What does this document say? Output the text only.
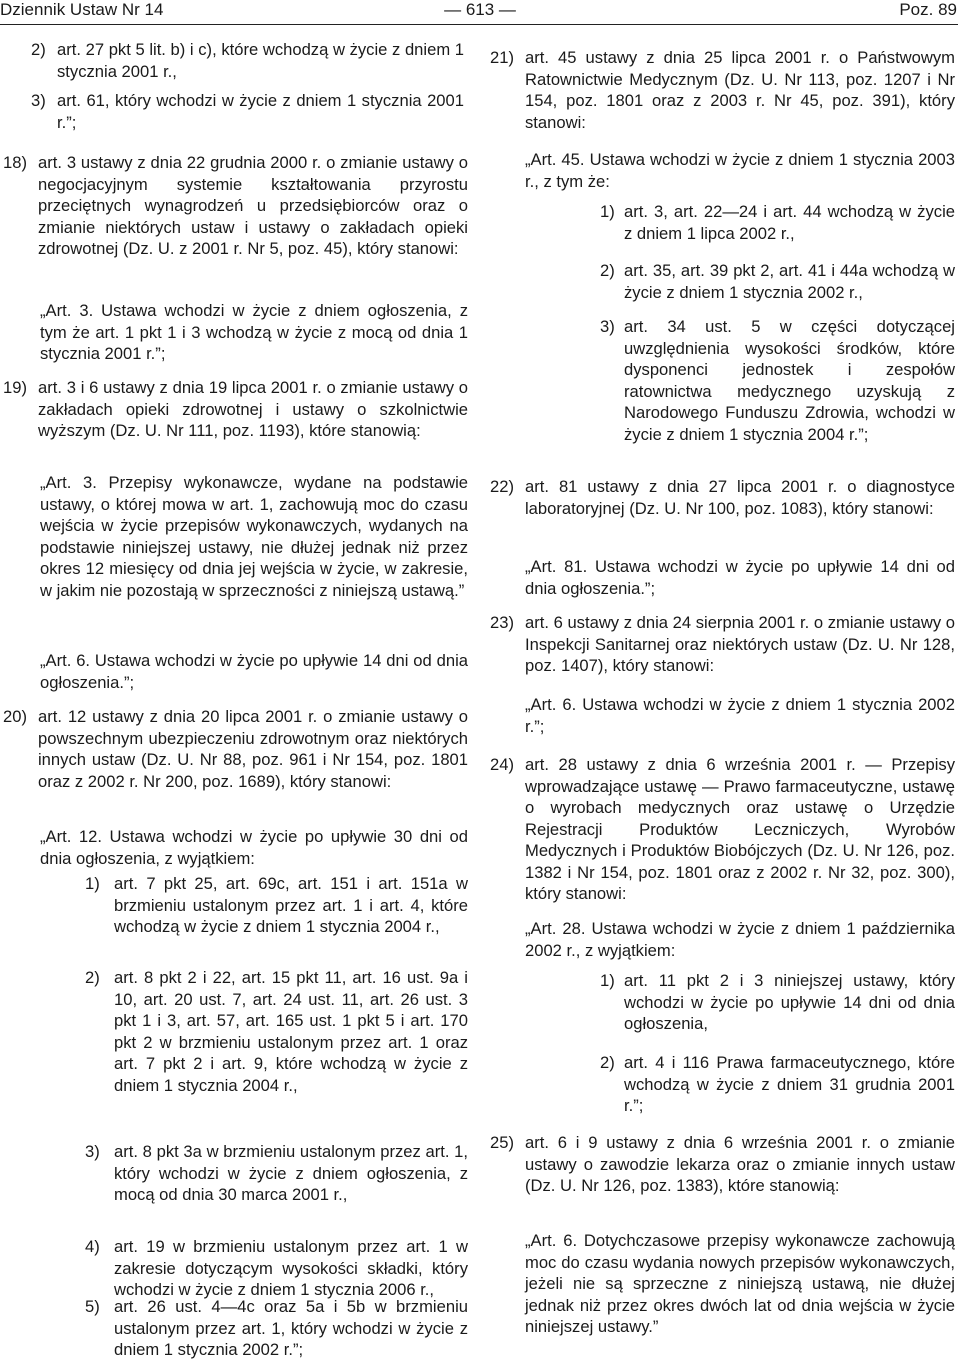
Dziennik Ustaw Nr 14	— 613 —	Poz. 89
2) art. 27 pkt 5 lit. b) i c), które wchodzą w życie z dniem 1 stycznia 2001 r.,

3) art. 61, który wchodzi w życie z dniem 1 stycznia 2001 r.”;

18) art. 3 ustawy z dnia 22 grudnia 2000 r. o zmianie ustawy o negocjacyjnym systemie kształtowania przyrostu przeciętnych wynagrodzeń u przedsiębiorców oraz o zmianie niektórych ustaw i ustawy o zakładach opieki zdrowotnej (Dz. U. z 2001 r. Nr 5, poz. 45), który stanowi:

„Art. 3. Ustawa wchodzi w życie z dniem ogłoszenia, z tym że art. 1 pkt 1 i 3 wchodzą w życie z mocą od dnia 1 stycznia 2001 r.”;

19) art. 3 i 6 ustawy z dnia 19 lipca 2001 r. o zmianie ustawy o zakładach opieki zdrowotnej i ustawy o szkolnictwie wyższym (Dz. U. Nr 111, poz. 1193), które stanowią:

„Art. 3. Przepisy wykonawcze, wydane na podstawie ustawy, o której mowa w art. 1, zachowują moc do czasu wejścia w życie przepisów wykonawczych, wydanych na podstawie niniejszej ustawy, nie dłużej jednak niż przez okres 12 miesięcy od dnia jej wejścia w życie, w zakresie, w jakim nie pozostają w sprzeczności z niniejszą ustawą.”

„Art. 6. Ustawa wchodzi w życie po upływie 14 dni od dnia ogłoszenia.”;

20) art. 12 ustawy z dnia 20 lipca 2001 r. o zmianie ustawy o powszechnym ubezpieczeniu zdrowotnym oraz niektórych innych ustaw (Dz. U. Nr 88, poz. 961 i Nr 154, poz. 1801 oraz z 2002 r. Nr 200, poz. 1689), który stanowi:

„Art. 12. Ustawa wchodzi w życie po upływie 30 dni od dnia ogłoszenia, z wyjątkiem:

1) art. 7 pkt 25, art. 69c, art. 151 i art. 151a w brzmieniu ustalonym przez art. 1 i art. 4, które wchodzą w życie z dniem 1 stycznia 2004 r.,

2) art. 8 pkt 2 i 22, art. 15 pkt 11, art. 16 ust. 9a i 10, art. 20 ust. 7, art. 24 ust. 11, art. 26 ust. 3 pkt 1 i 3, art. 57, art. 165 ust. 1 pkt 5 i art. 170 pkt 2 w brzmieniu ustalonym przez art. 1 oraz art. 7 pkt 2 i art. 9, które wchodzą w życie z dniem 1 stycznia 2004 r.,

3) art. 8 pkt 3a w brzmieniu ustalonym przez art. 1, który wchodzi w życie z dniem ogłoszenia, z mocą od dnia 30 marca 2001 r.,

4) art. 19 w brzmieniu ustalonym przez art. 1 w zakresie dotyczącym wysokości składki, który wchodzi w życie z dniem 1 stycznia 2006 r.,

5) art. 26 ust. 4—4c oraz 5a i 5b w brzmieniu ustalonym przez art. 1, który wchodzi w życie z dniem 1 stycznia 2002 r.”;

21) art. 45 ustawy z dnia 25 lipca 2001 r. o Państwowym Ratownictwie Medycznym (Dz. U. Nr 113, poz. 1207 i Nr 154, poz. 1801 oraz z 2003 r. Nr 45, poz. 391), który stanowi:

„Art. 45. Ustawa wchodzi w życie z dniem 1 stycznia 2003 r., z tym że:

1) art. 3, art. 22—24 i art. 44 wchodzą w życie z dniem 1 lipca 2002 r.,

2) art. 35, art. 39 pkt 2, art. 41 i 44a wchodzą w życie z dniem 1 stycznia 2002 r.,

3) art. 34 ust. 5 w części dotyczącej uwzględnienia wysokości środków, które dysponenci jednostek i zespołów ratownictwa medycznego uzyskują z Narodowego Funduszu Zdrowia, wchodzi w życie z dniem 1 stycznia 2004 r.”;

22) art. 81 ustawy z dnia 27 lipca 2001 r. o diagnostyce laboratoryjnej (Dz. U. Nr 100, poz. 1083), który stanowi:

„Art. 81. Ustawa wchodzi w życie po upływie 14 dni od dnia ogłoszenia.”;

23) art. 6 ustawy z dnia 24 sierpnia 2001 r. o zmianie ustawy o Inspekcji Sanitarnej oraz niektórych ustaw (Dz. U. Nr 128, poz. 1407), który stanowi:

„Art. 6. Ustawa wchodzi w życie z dniem 1 stycznia 2002 r.”;

24) art. 28 ustawy z dnia 6 września 2001 r. — Przepisy wprowadzające ustawę — Prawo farmaceutyczne, ustawę o wyrobach medycznych oraz ustawę o Urzędzie Rejestracji Produktów Leczniczych, Wyrobów Medycznych i Produktów Biobójczych (Dz. U. Nr 126, poz. 1382 i Nr 154, poz. 1801 oraz z 2002 r. Nr 32, poz. 300), który stanowi:

„Art. 28. Ustawa wchodzi w życie z dniem 1 października 2002 r., z wyjątkiem:

1) art. 11 pkt 2 i 3 niniejszej ustawy, który wchodzi w życie po upływie 14 dni od dnia ogłoszenia,

2) art. 4 i 116 Prawa farmaceutycznego, które wchodzą w życie z dniem 31 grudnia 2001 r.”;

25) art. 6 i 9 ustawy z dnia 6 września 2001 r. o zmianie ustawy o zawodzie lekarza oraz o zmianie innych ustaw (Dz. U. Nr 126, poz. 1383), które stanowią:

„Art. 6. Dotychczasowe przepisy wykonawcze zachowują moc do czasu wydania nowych przepisów wykonawczych, jeżeli nie są sprzeczne z niniejszą ustawą, nie dłużej jednak niż przez okres dwóch lat od dnia wejścia w życie niniejszej ustawy.”
